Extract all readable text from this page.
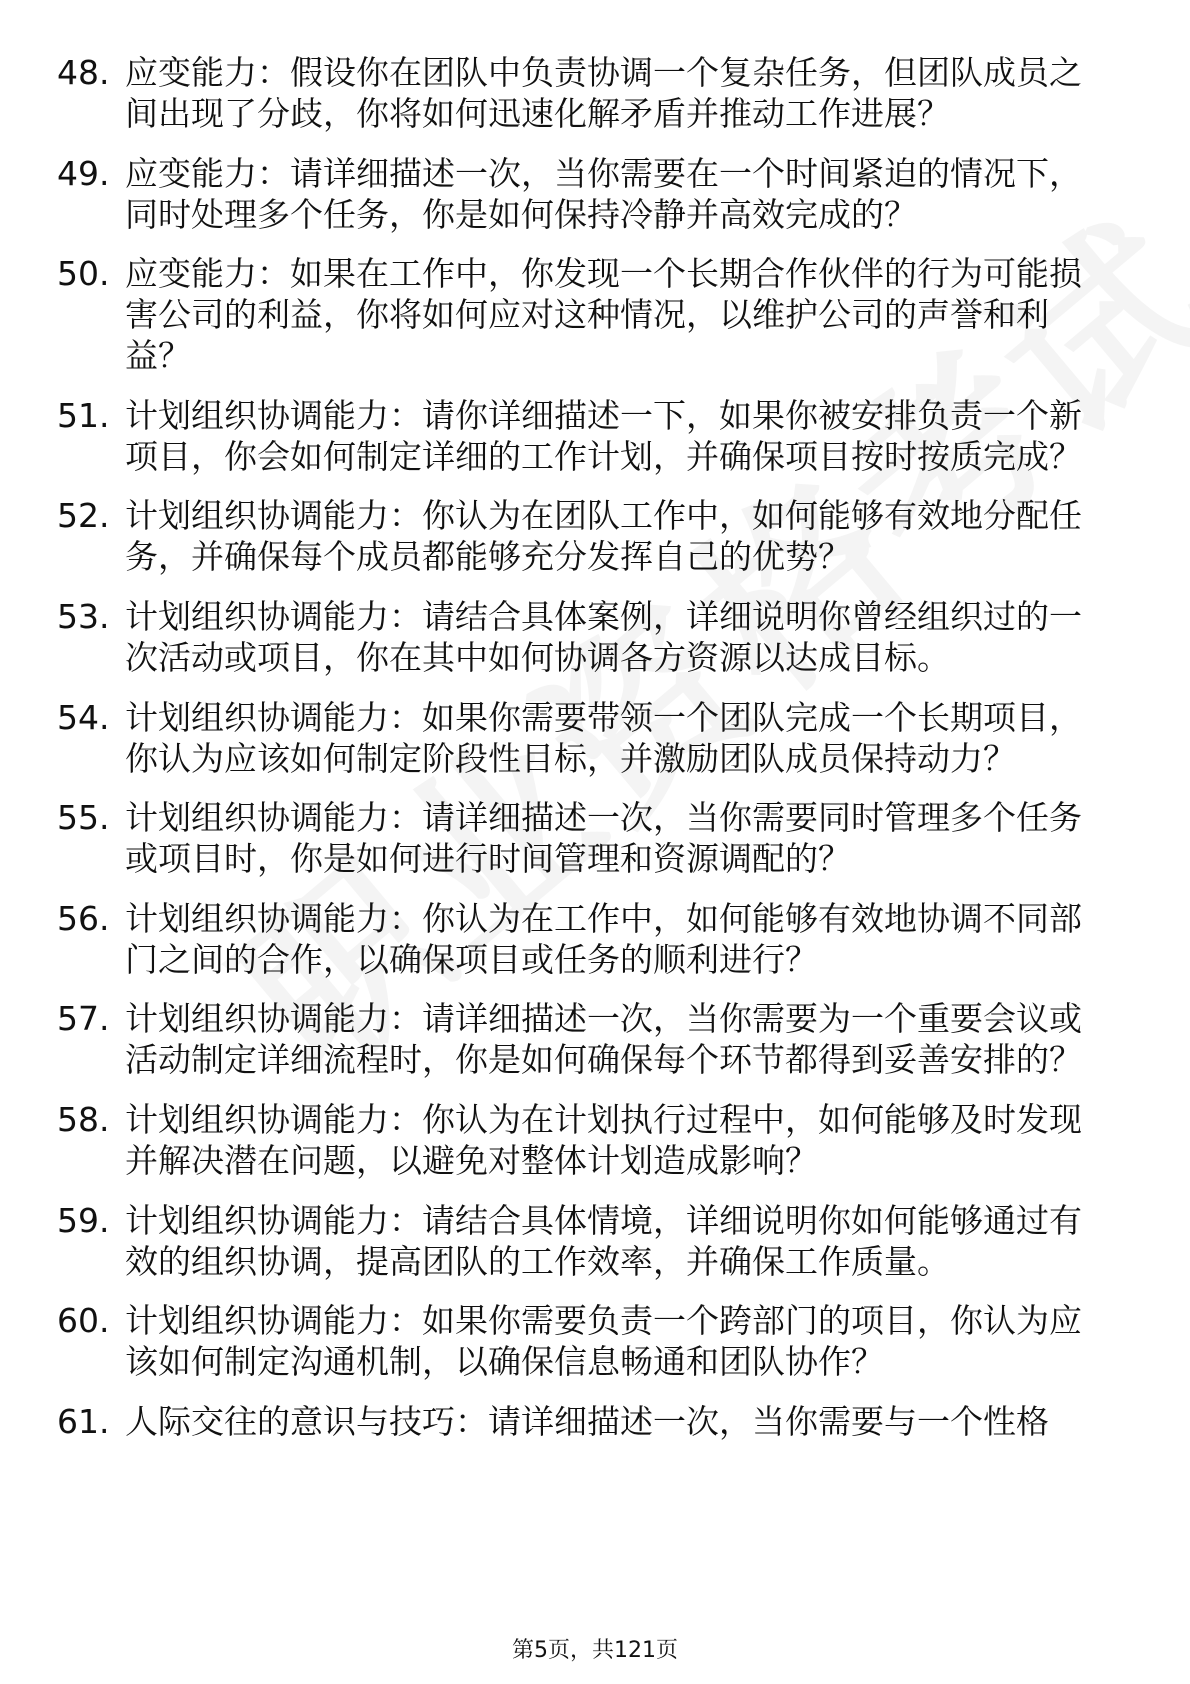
48. 应变能力：假设你在团队中负责协调一个复杂任务，但团队成员之间出现了分歧，你将如何迅速化解矛盾并推动工作进展？
49. 应变能力：请详细描述一次，当你需要在一个时间紧迫的情况下，同时处理多个任务，你是如何保持冷静并高效完成的？
50. 应变能力：如果在工作中，你发现一个长期合作伙伴的行为可能损害公司的利益，你将如何应对这种情况，以维护公司的声誉和利益？
51. 计划组织协调能力：请你详细描述一下，如果你被安排负责一个新项目，你会如何制定详细的工作计划，并确保项目按时按质完成？
52. 计划组织协调能力：你认为在团队工作中，如何能够有效地分配任务，并确保每个成员都能够充分发挥自己的优势？
53. 计划组织协调能力：请结合具体案例，详细说明你曾经组织过的一次活动或项目，你在其中如何协调各方资源以达成目标。
54. 计划组织协调能力：如果你需要带领一个团队完成一个长期项目，你认为应该如何制定阶段性目标，并激励团队成员保持动力？
55. 计划组织协调能力：请详细描述一次，当你需要同时管理多个任务或项目时，你是如何进行时间管理和资源调配的？
56. 计划组织协调能力：你认为在工作中，如何能够有效地协调不同部门之间的合作，以确保项目或任务的顺利进行？
57. 计划组织协调能力：请详细描述一次，当你需要为一个重要会议或活动制定详细流程时，你是如何确保每个环节都得到妥善安排的？
58. 计划组织协调能力：你认为在计划执行过程中，如何能够及时发现并解决潜在问题，以避免对整体计划造成影响？
59. 计划组织协调能力：请结合具体情境，详细说明你如何能够通过有效的组织协调，提高团队的工作效率，并确保工作质量。
60. 计划组织协调能力：如果你需要负责一个跨部门的项目，你认为应该如何制定沟通机制，以确保信息畅通和团队协作？
61. 人际交往的意识与技巧：请详细描述一次，当你需要与一个性格
第5页，共121页
